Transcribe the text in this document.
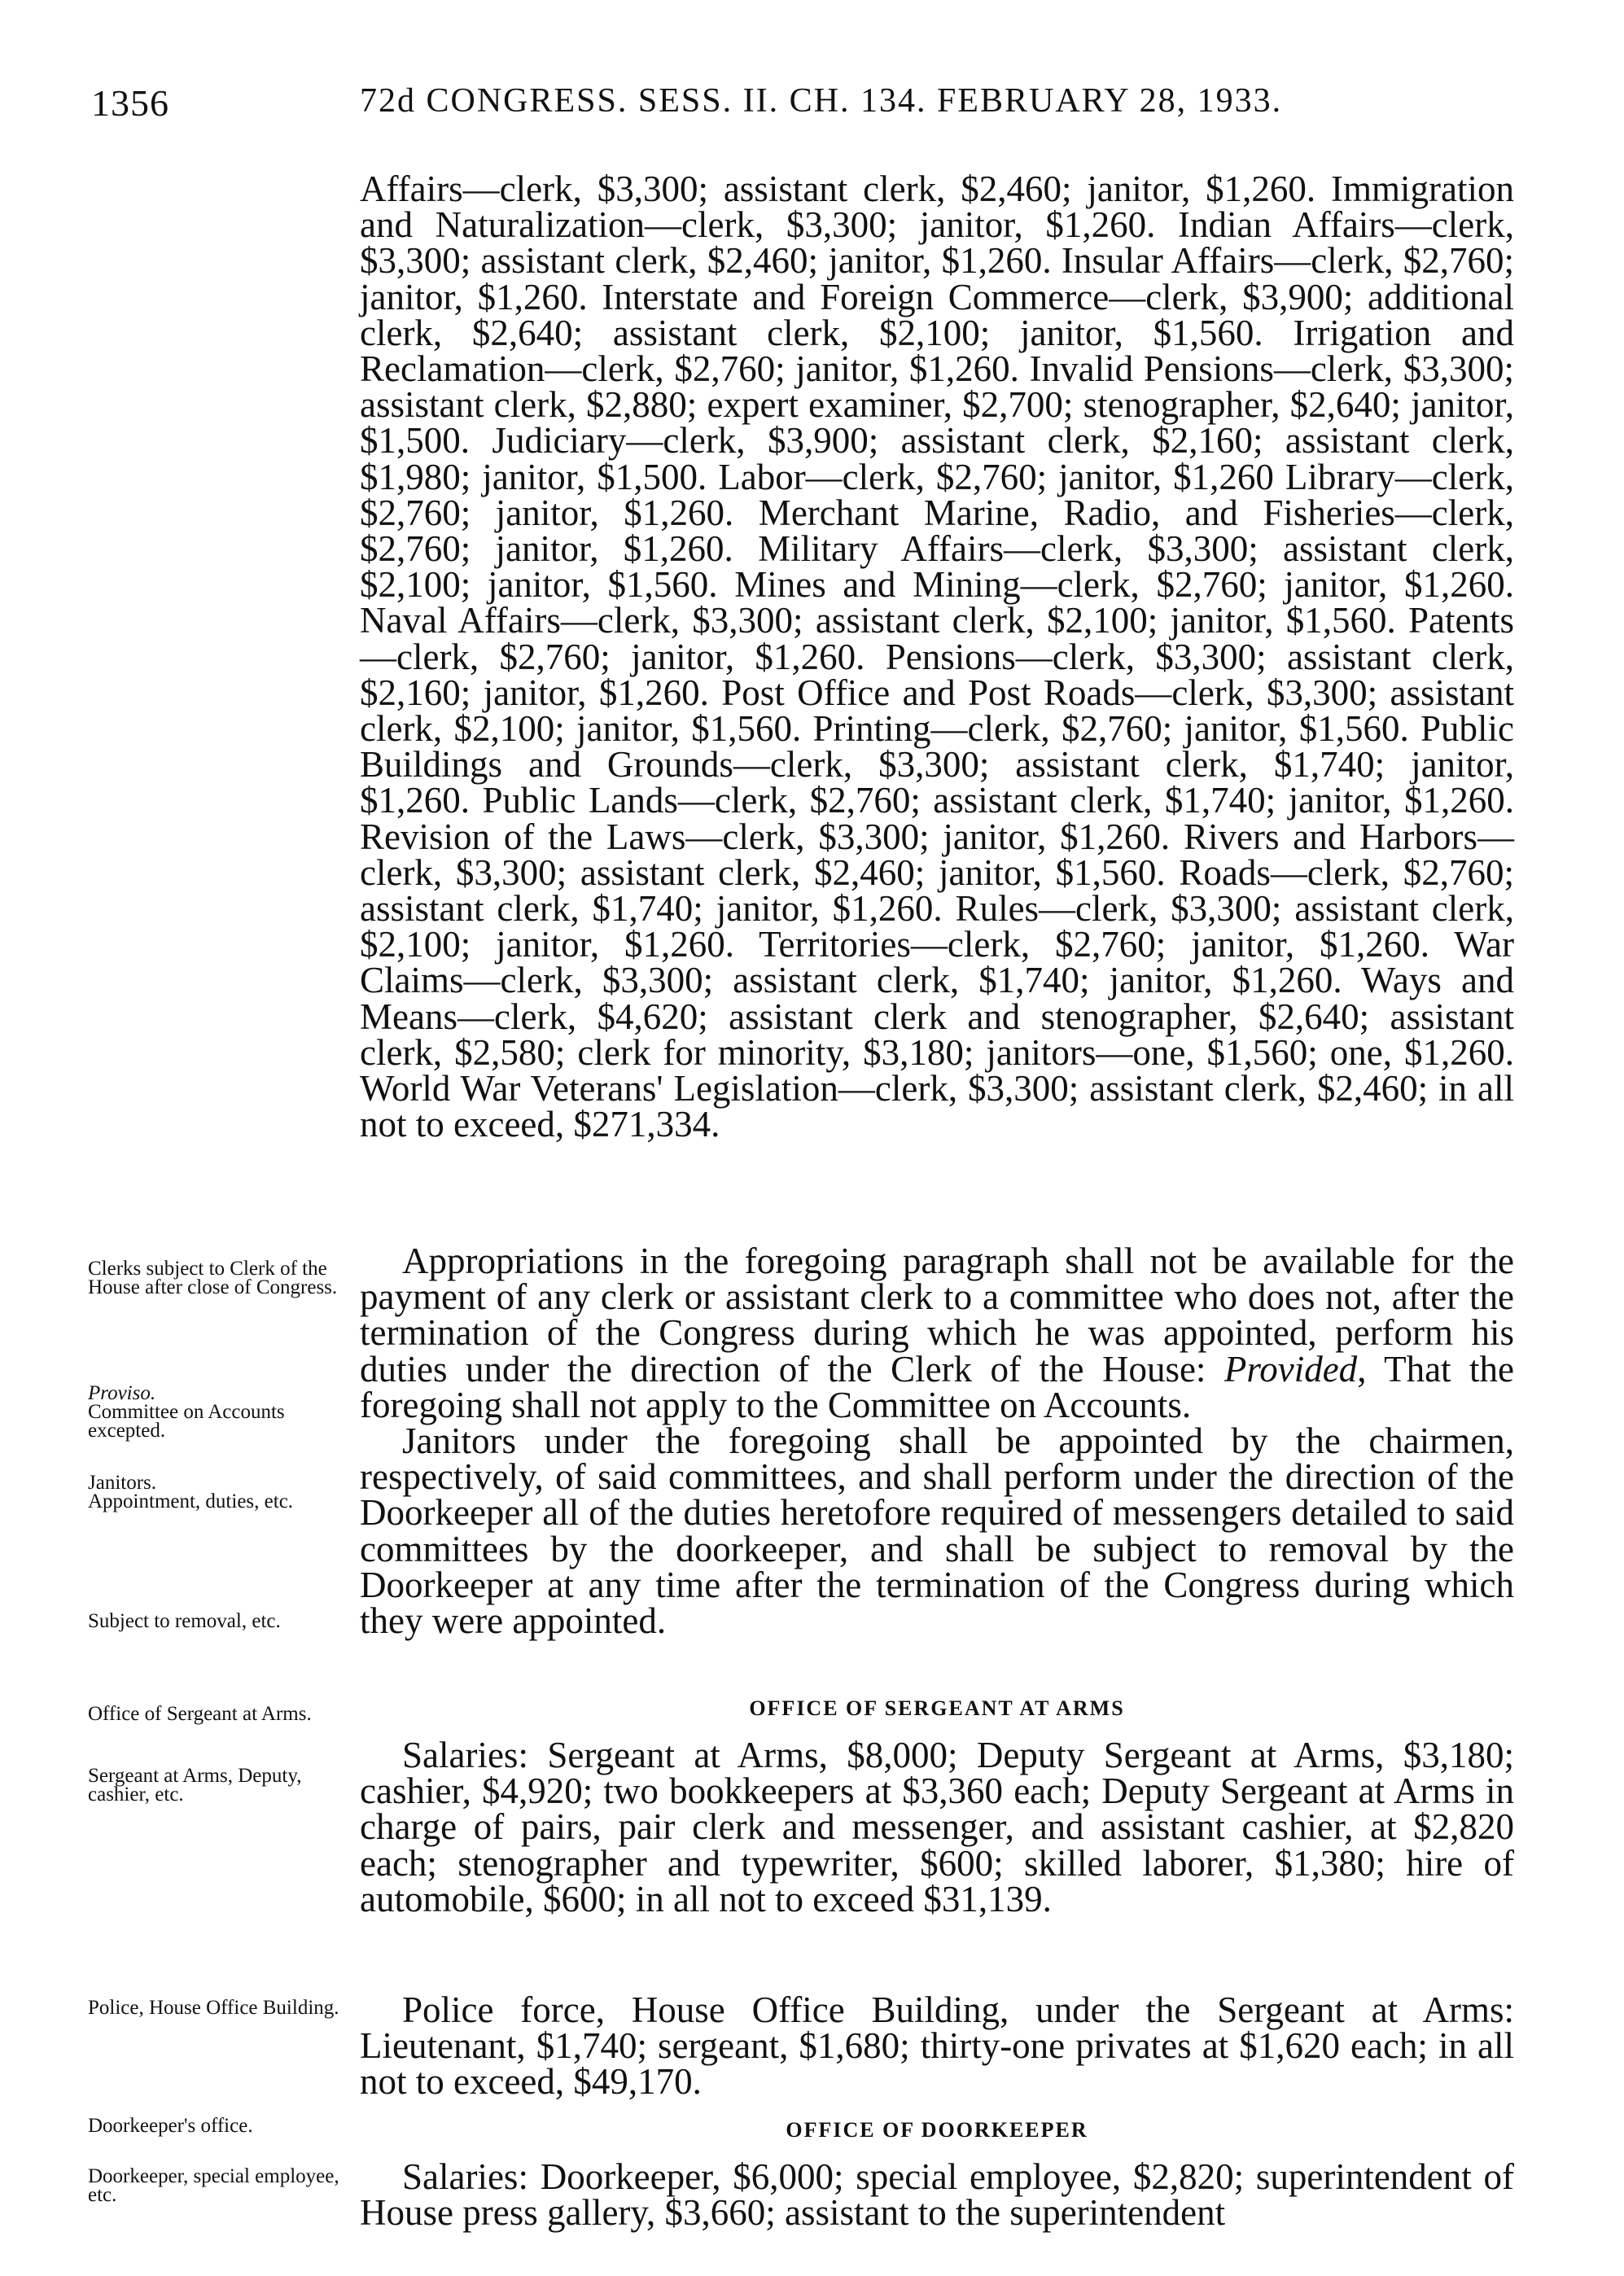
1356	72d CONGRESS. SESS. II. CH. 134. FEBRUARY 28, 1933.

Affairs—clerk, $3,300; assistant clerk, $2,460; janitor, $1,260. Immigration and Naturalization—clerk, $3,300; janitor, $1,260. Indian Affairs—clerk, $3,300; assistant clerk, $2,460; janitor, $1,260. Insular Affairs—clerk, $2,760; janitor, $1,260. Interstate and Foreign Commerce—clerk, $3,900; additional clerk, $2,640; assistant clerk, $2,100; janitor, $1,560. Irrigation and Reclamation—clerk, $2,760; janitor, $1,260. Invalid Pensions—clerk, $3,300; assistant clerk, $2,880; expert examiner, $2,700; stenographer, $2,640; janitor, $1,500. Judiciary—clerk, $3,900; assistant clerk, $2,160; assistant clerk, $1,980; janitor, $1,500. Labor—clerk, $2,760; janitor, $1,260 Library—clerk, $2,760; janitor, $1,260. Merchant Marine, Radio, and Fisheries—clerk, $2,760; janitor, $1,260. Military Affairs—clerk, $3,300; assistant clerk, $2,100; janitor, $1,560. Mines and Mining—clerk, $2,760; janitor, $1,260. Naval Affairs—clerk, $3,300; assistant clerk, $2,100; janitor, $1,560. Patents—clerk, $2,760; janitor, $1,260. Pensions—clerk, $3,300; assistant clerk, $2,160; janitor, $1,260. Post Office and Post Roads—clerk, $3,300; assistant clerk, $2,100; janitor, $1,560. Printing—clerk, $2,760; janitor, $1,560. Public Buildings and Grounds—clerk, $3,300; assistant clerk, $1,740; janitor, $1,260. Public Lands—clerk, $2,760; assistant clerk, $1,740; janitor, $1,260. Revision of the Laws—clerk, $3,300; janitor, $1,260. Rivers and Harbors—clerk, $3,300; assistant clerk, $2,460; janitor, $1,560. Roads—clerk, $2,760; assistant clerk, $1,740; janitor, $1,260. Rules—clerk, $3,300; assistant clerk, $2,100; janitor, $1,260. Territories—clerk, $2,760; janitor, $1,260. War Claims—clerk, $3,300; assistant clerk, $1,740; janitor, $1,260. Ways and Means—clerk, $4,620; assistant clerk and stenographer, $2,640; assistant clerk, $2,580; clerk for minority, $3,180; janitors—one, $1,560; one, $1,260. World War Veterans' Legislation—clerk, $3,300; assistant clerk, $2,460; in all not to exceed, $271,334.

Appropriations in the foregoing paragraph shall not be available for the payment of any clerk or assistant clerk to a committee who does not, after the termination of the Congress during which he was appointed, perform his duties under the direction of the Clerk of the House: Provided, That the foregoing shall not apply to the Committee on Accounts.

Janitors under the foregoing shall be appointed by the chairmen, respectively, of said committees, and shall perform under the direction of the Doorkeeper all of the duties heretofore required of messengers detailed to said committees by the doorkeeper, and shall be subject to removal by the Doorkeeper at any time after the termination of the Congress during which they were appointed.

OFFICE OF SERGEANT AT ARMS

Salaries: Sergeant at Arms, $8,000; Deputy Sergeant at Arms, $3,180; cashier, $4,920; two bookkeepers at $3,360 each; Deputy Sergeant at Arms in charge of pairs, pair clerk and messenger, and assistant cashier, at $2,820 each; stenographer and typewriter, $600; skilled laborer, $1,380; hire of automobile, $600; in all not to exceed $31,139.

Police force, House Office Building, under the Sergeant at Arms: Lieutenant, $1,740; sergeant, $1,680; thirty-one privates at $1,620 each; in all not to exceed, $49,170.

OFFICE OF DOORKEEPER

Salaries: Doorkeeper, $6,000; special employee, $2,820; superintendent of House press gallery, $3,660; assistant to the superintendent

Clerks subject to Clerk of the House after close of Congress.
Proviso.
Committee on Accounts excepted.
Janitors.
Appointment, duties, etc.
Subject to removal, etc.
Office of Sergeant at Arms.
Sergeant at Arms, Deputy, cashier, etc.
Police, House Office Building.
Doorkeeper's office.
Doorkeeper, special employee, etc.
